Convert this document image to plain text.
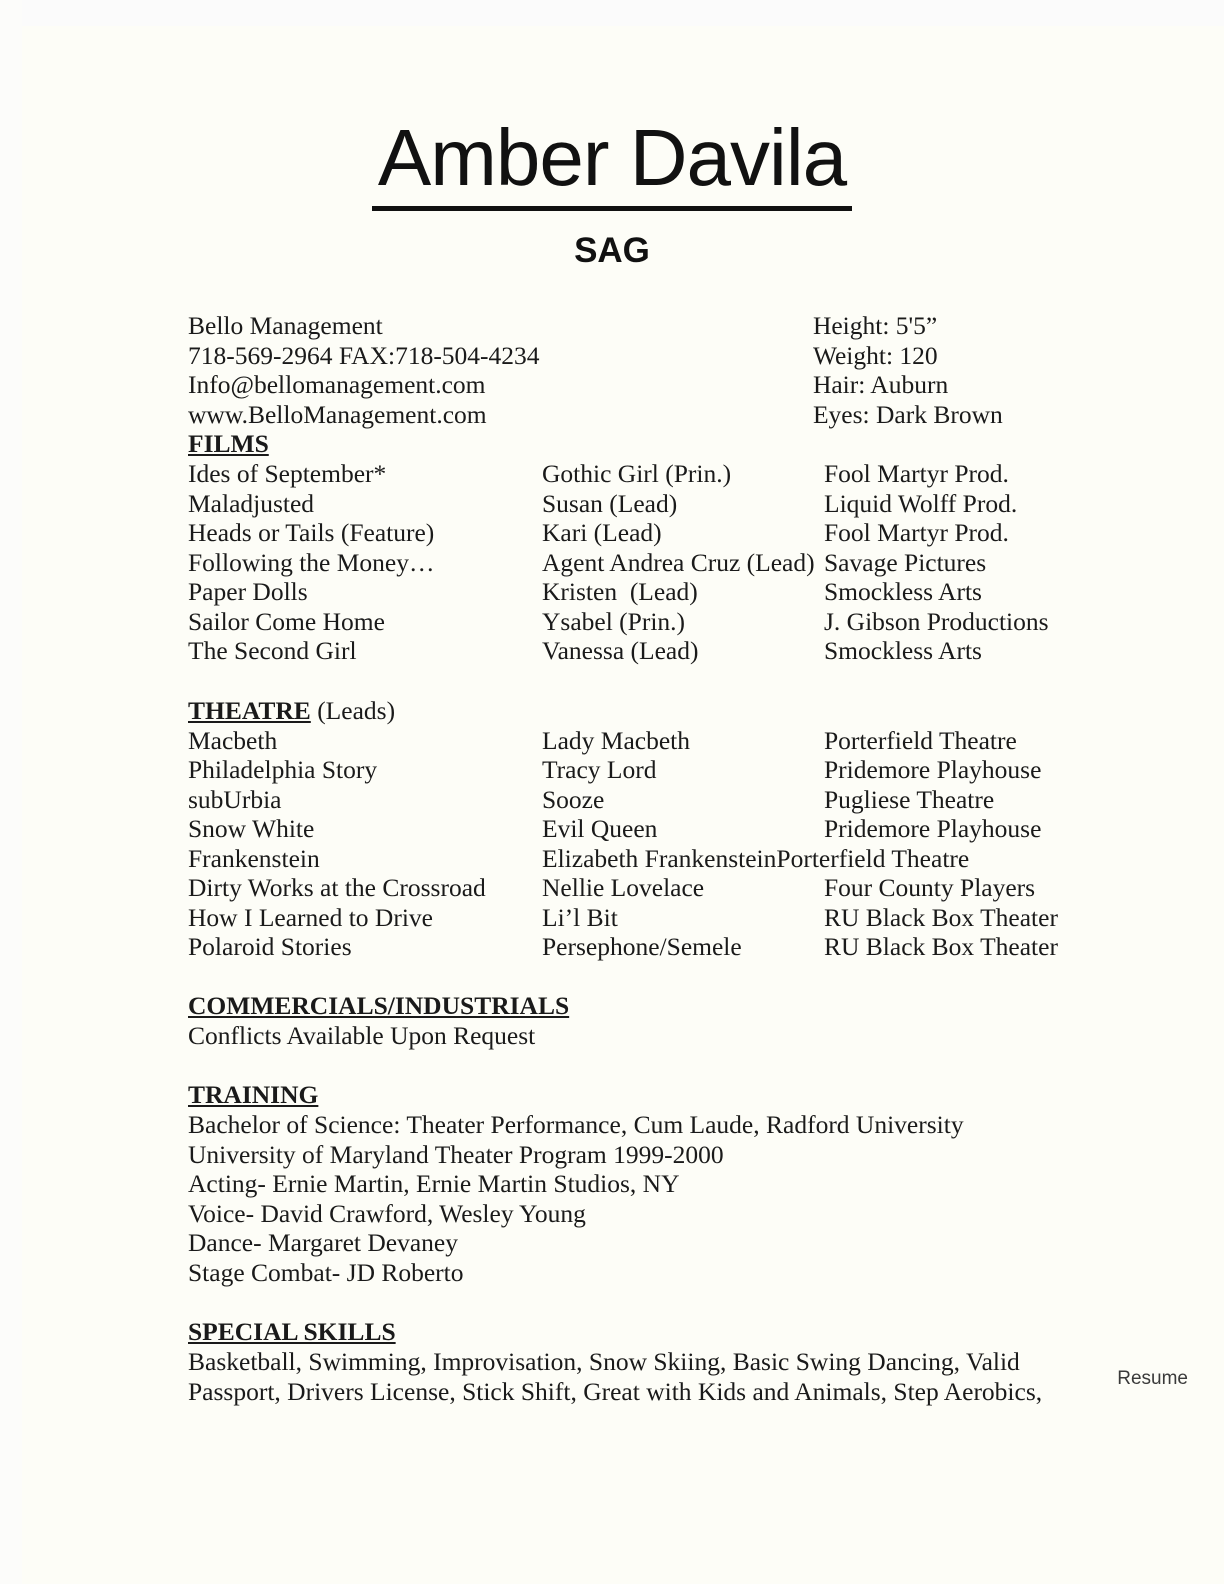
Amber Davila
SAG
Bello Management
718-569-2964 FAX:718-504-4234
Info@bellomanagement.com
www.BelloManagement.com
Height: 5'5”
Weight: 120
Hair: Auburn
Eyes: Dark Brown
FILMS
Ides of September*	Gothic Girl (Prin.)	Fool Martyr Prod.
Maladjusted	Susan (Lead)	Liquid Wolff Prod.
Heads or Tails (Feature)	Kari (Lead)	Fool Martyr Prod.
Following the Money…	Agent Andrea Cruz (Lead) Savage Pictures
Paper Dolls	Kristen  (Lead)	Smockless Arts
Sailor Come Home	Ysabel (Prin.)	J. Gibson Productions
The Second Girl	Vanessa (Lead)	Smockless Arts
THEATRE (Leads)
Macbeth	Lady Macbeth	Porterfield Theatre
Philadelphia Story	Tracy Lord	Pridemore Playhouse
subUrbia	Sooze	Pugliese Theatre
Snow White	Evil Queen	Pridemore Playhouse
Frankenstein	Elizabeth Frankenstein Porterfield Theatre
Dirty Works at the Crossroad	Nellie Lovelace	Four County Players
How I Learned to Drive	Li’l Bit	RU Black Box Theater
Polaroid Stories	Persephone/Semele	RU Black Box Theater
COMMERCIALS/INDUSTRIALS
Conflicts Available Upon Request
TRAINING
Bachelor of Science: Theater Performance, Cum Laude, Radford University
University of Maryland Theater Program 1999-2000
Acting- Ernie Martin, Ernie Martin Studios, NY
Voice- David Crawford, Wesley Young
Dance- Margaret Devaney
Stage Combat- JD Roberto
SPECIAL SKILLS
Basketball, Swimming, Improvisation, Snow Skiing, Basic Swing Dancing, Valid
Passport, Drivers License, Stick Shift, Great with Kids and Animals, Step Aerobics,	Resume
